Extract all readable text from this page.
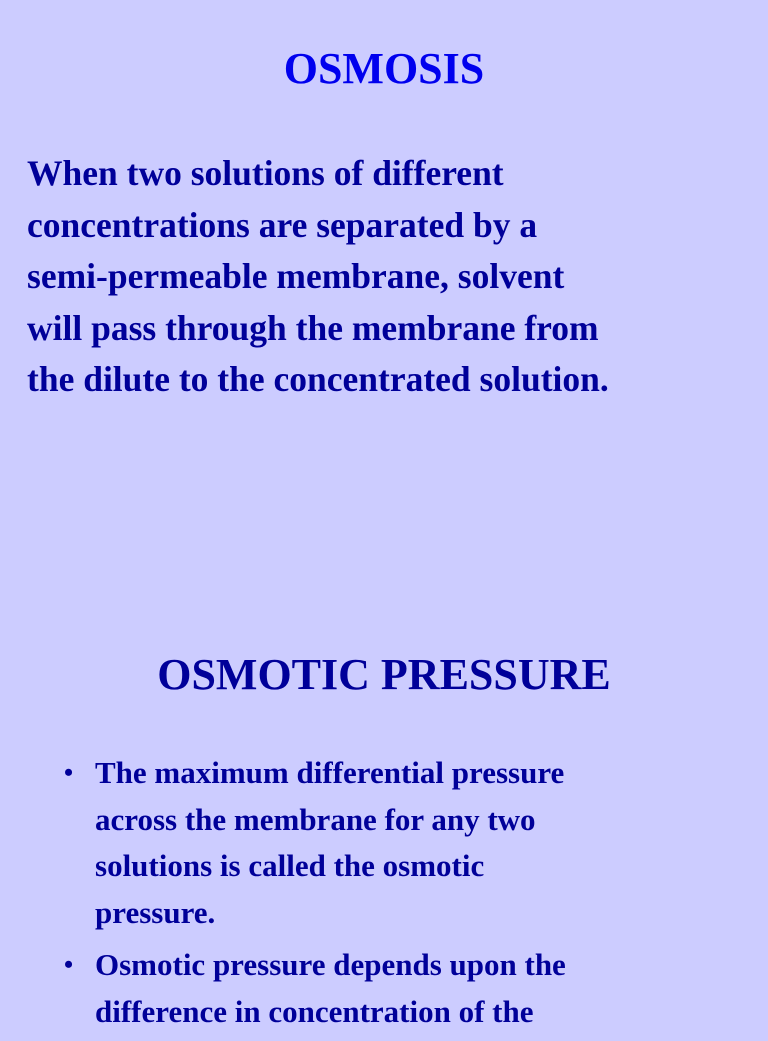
OSMOSIS

When two solutions of different
concentrations are separated by a
semi-permeable membrane, solvent
will pass through the membrane from
the dilute to the concentrated solution.

OSMOTIC PRESSURE
• The maximum differential pressure
across the membrane for any two
solutions is called the osmotic
pressure.
• Osmotic pressure depends upon the
difference in concentration of the
